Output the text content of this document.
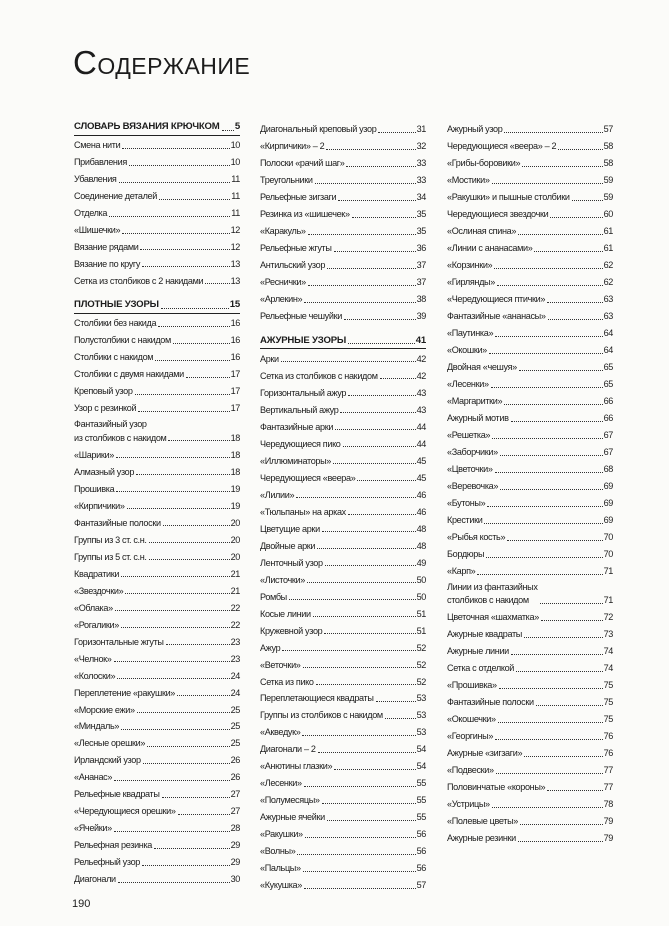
Содержание
СЛОВАРЬ ВЯЗАНИЯ КРЮЧКОМ 5
Смена нити	10
Прибавления	10
Убавления	11
Соединение деталей	11
Отделка	11
«Шишечки»	12
Вязание рядами	12
Вязание по кругу	13
Сетка из столбиков с 2 накидами	13
ПЛОТНЫЕ УЗОРЫ	15
Столбики без накида	16
Полустолбики с накидом	16
Столбики с накидом	16
Столбики с двумя накидами	17
Креповый узор	17
Узор с резинкой	17
Фантазийный узор
из столбиков с накидом	18
«Шарики»	18
Алмазный узор	18
Прошивка	19
«Кирпичики»	19
Фантазийные полоски	20
Группы из 3 ст. с.н.	20
Группы из 5 ст. с.н.	20
Квадратики	21
«Звездочки»	21
«Облака»	22
«Рогалики»	22
Горизонтальные жгуты	23
«Челнок»	23
«Колоски»	24
Переплетение «ракушки»	24
«Морские ежи»	25
«Миндаль»	25
«Лесные орешки»	25
Ирландский узор	26
«Ананас»	26
Рельефные квадраты	27
«Чередующиеся орешки»	27
«Ячейки»	28
Рельефная резинка	29
Рельефный узор	29
Диагонали	30
Диагональный креповый узор	31
«Кирпичики» – 2	32
Полоски «рачий шаг»	33
Треугольники	33
Рельефные зигзаги	34
Резинка из «шишечек»	35
«Каракуль»	35
Рельефные жгуты	36
Антильский узор	37
«Реснички»	37
«Арлекин»	38
Рельефные чешуйки	39
АЖУРНЫЕ УЗОРЫ	41
Арки	42
Сетка из столбиков с накидом	42
Горизонтальный ажур	43
Вертикальный ажур	43
Фантазийные арки	44
Чередующиеся пико	44
«Иллюминаторы»	45
Чередующиеся «веера»	45
«Лилии»	46
«Тюльпаны» на арках	46
Цветущие арки	48
Двойные арки	48
Ленточный узор	49
«Листочки»	50
Ромбы	50
Косые линии	51
Кружевной узор	51
Ажур	52
«Веточки»	52
Сетка из пико	52
Переплетающиеся квадраты	53
Группы из столбиков с накидом	53
«Акведук»	53
Диагонали – 2	54
«Анютины глазки»	54
«Лесенки»	55
«Полумесяцы»	55
Ажурные ячейки	55
«Ракушки»	56
«Волны»	56
«Пальцы»	56
«Кукушка»	57
Ажурный узор	57
Чередующиеся «веера» – 2	58
«Грибы-боровики»	58
«Мостики»	59
«Ракушки» и пышные столбики	59
Чередующиеся звездочки	60
«Ослиная спина»	61
«Линии с ананасами»	61
«Корзинки»	62
«Гирлянды»	62
«Чередующиеся птички»	63
Фантазийные «ананасы»	63
«Паутинка»	64
«Окошки»	64
Двойная «чешуя»	65
«Лесенки»	65
«Маргаритки»	66
Ажурный мотив	66
«Решетка»	67
«Заборчики»	67
«Цветочки»	68
«Веревочка»	69
«Бутоны»	69
Крестики	69
«Рыбья кость»	70
Бордюры	70
«Карп»	71
Линии из фантазийных
столбиков с накидом	71
Цветочная «шахматка»	72
Ажурные квадраты	73
Ажурные линии	74
Сетка с отделкой	74
«Прошивка»	75
Фантазийные полоски	75
«Окошечки»	75
«Георгины»	76
Ажурные «зигзаги»	76
«Подвески»	77
Половинчатые «короны»	77
«Устрицы»	78
«Полевые цветы»	79
Ажурные резинки	79
190
